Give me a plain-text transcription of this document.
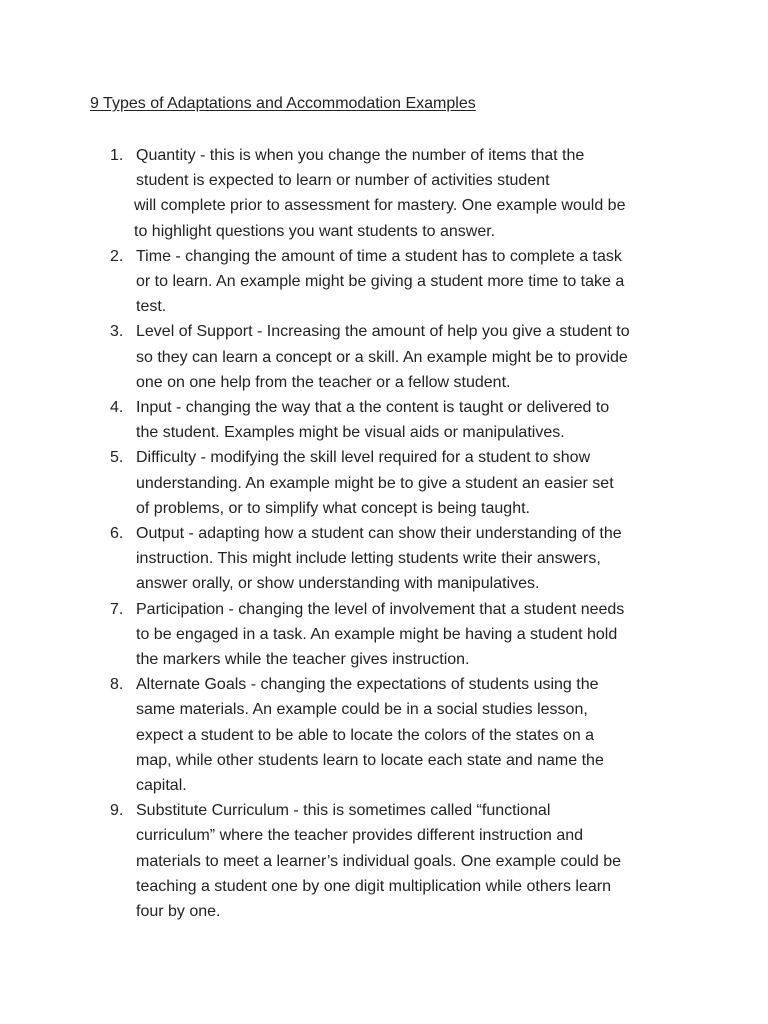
9 Types of Adaptations and Accommodation Examples
1. Quantity - this is when you change the number of items that the
student is expected to learn or number of activities student
will complete prior to assessment for mastery. One example would be
to highlight questions you want students to answer.
2. Time - changing the amount of time a student has to complete a task
or to learn. An example might be giving a student more time to take a
test.
3. Level of Support - Increasing the amount of help you give a student to
so they can learn a concept or a skill. An example might be to provide
one on one help from the teacher or a fellow student.
4. Input - changing the way that a the content is taught or delivered to
the student. Examples might be visual aids or manipulatives.
5. Difficulty - modifying the skill level required for a student to show
understanding. An example might be to give a student an easier set
of problems, or to simplify what concept is being taught.
6. Output - adapting how a student can show their understanding of the
instruction. This might include letting students write their answers,
answer orally, or show understanding with manipulatives.
7. Participation - changing the level of involvement that a student needs
to be engaged in a task. An example might be having a student hold
the markers while the teacher gives instruction.
8. Alternate Goals - changing the expectations of students using the
same materials. An example could be in a social studies lesson,
expect a student to be able to locate the colors of the states on a
map, while other students learn to locate each state and name the
capital.
9. Substitute Curriculum - this is sometimes called “functional
curriculum” where the teacher provides different instruction and
materials to meet a learner’s individual goals. One example could be
teaching a student one by one digit multiplication while others learn
four by one.
